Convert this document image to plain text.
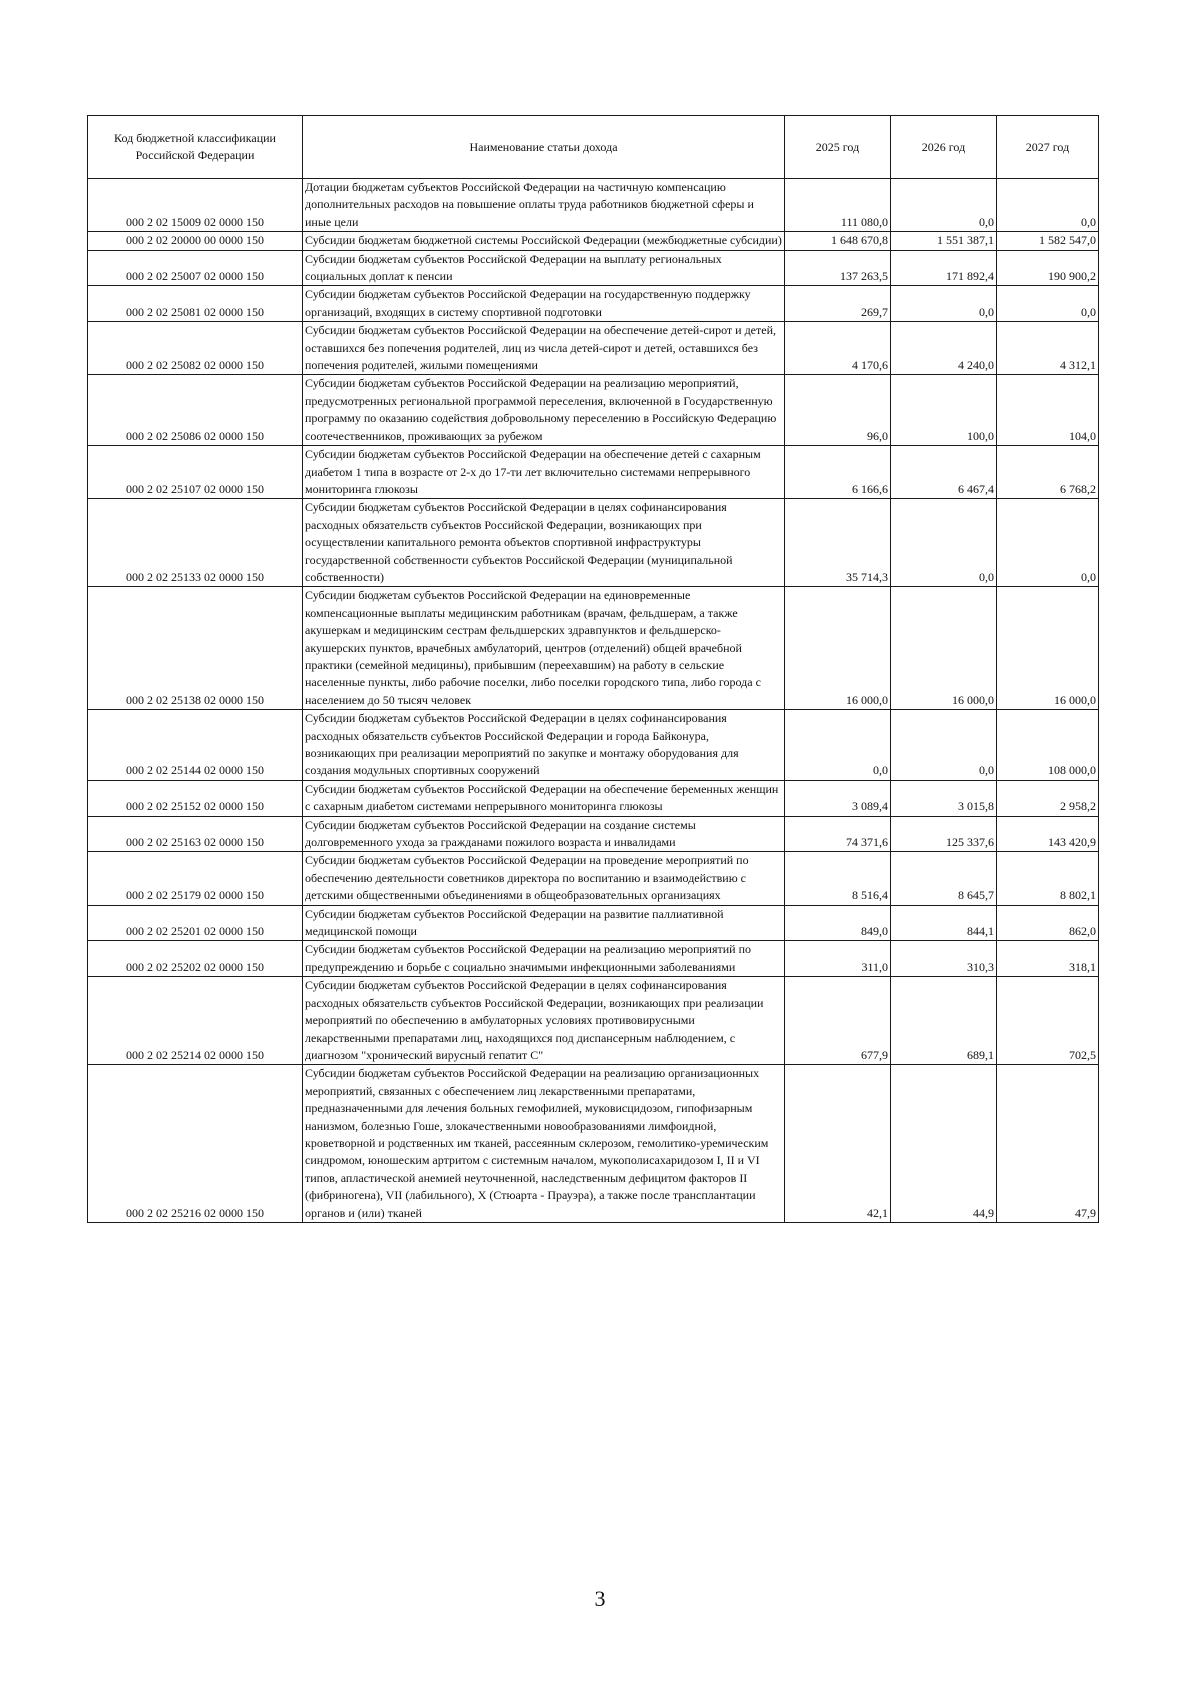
Код бюджетной классификации Российской Федерации	Наименование статьи дохода	2025 год	2026 год	2027 год
000 2 02 15009 02 0000 150	Дотации бюджетам субъектов Российской Федерации на частичную компенсацию дополнительных расходов на повышение оплаты труда работников бюджетной сферы и иные цели	111 080,0	0,0	0,0
000 2 02 20000 00 0000 150	Субсидии бюджетам бюджетной системы Российской Федерации (межбюджетные субсидии)	1 648 670,8	1 551 387,1	1 582 547,0
000 2 02 25007 02 0000 150	Субсидии бюджетам субъектов Российской Федерации на выплату региональных социальных доплат к пенсии	137 263,5	171 892,4	190 900,2
000 2 02 25081 02 0000 150	Субсидии бюджетам субъектов Российской Федерации на государственную поддержку организаций, входящих в систему спортивной подготовки	269,7	0,0	0,0
000 2 02 25082 02 0000 150	Субсидии бюджетам субъектов Российской Федерации на обеспечение детей-сирот и детей, оставшихся без попечения родителей, лиц из числа детей-сирот и детей, оставшихся без попечения родителей, жилыми помещениями	4 170,6	4 240,0	4 312,1
000 2 02 25086 02 0000 150	Субсидии бюджетам субъектов Российской Федерации на реализацию мероприятий, предусмотренных региональной программой переселения, включенной в Государственную программу по оказанию содействия добровольному переселению в Российскую Федерацию соотечественников, проживающих за рубежом	96,0	100,0	104,0
000 2 02 25107 02 0000 150	Субсидии бюджетам субъектов Российской Федерации на обеспечение детей с сахарным диабетом 1 типа в возрасте от 2-х до 17-ти лет включительно системами непрерывного мониторинга глюкозы	6 166,6	6 467,4	6 768,2
000 2 02 25133 02 0000 150	Субсидии бюджетам субъектов Российской Федерации в целях софинансирования расходных обязательств субъектов Российской Федерации, возникающих при осуществлении капитального ремонта объектов спортивной инфраструктуры государственной собственности субъектов Российской Федерации (муниципальной собственности)	35 714,3	0,0	0,0
000 2 02 25138 02 0000 150	Субсидии бюджетам субъектов Российской Федерации на единовременные компенсационные выплаты медицинским работникам (врачам, фельдшерам, а также акушеркам и медицинским сестрам фельдшерских здравпунктов и фельдшерско-акушерских пунктов, врачебных амбулаторий, центров (отделений) общей врачебной практики (семейной медицины), прибывшим (переехавшим) на работу в сельские населенные пункты, либо рабочие поселки, либо поселки городского типа, либо города с населением до 50 тысяч человек	16 000,0	16 000,0	16 000,0
000 2 02 25144 02 0000 150	Субсидии бюджетам субъектов Российской Федерации в целях софинансирования расходных обязательств субъектов Российской Федерации и города Байконура, возникающих при реализации мероприятий по закупке и монтажу оборудования для создания модульных спортивных сооружений	0,0	0,0	108 000,0
000 2 02 25152 02 0000 150	Субсидии бюджетам субъектов Российской Федерации на обеспечение беременных женщин с сахарным диабетом системами непрерывного мониторинга глюкозы	3 089,4	3 015,8	2 958,2
000 2 02 25163 02 0000 150	Субсидии бюджетам субъектов Российской Федерации на создание системы долговременного ухода за гражданами пожилого возраста и инвалидами	74 371,6	125 337,6	143 420,9
000 2 02 25179 02 0000 150	Субсидии бюджетам субъектов Российской Федерации на проведение мероприятий по обеспечению деятельности советников директора по воспитанию и взаимодействию с детскими общественными объединениями в общеобразовательных организациях	8 516,4	8 645,7	8 802,1
000 2 02 25201 02 0000 150	Субсидии бюджетам субъектов Российской Федерации на развитие паллиативной медицинской помощи	849,0	844,1	862,0
000 2 02 25202 02 0000 150	Субсидии бюджетам субъектов Российской Федерации на реализацию мероприятий по предупреждению и борьбе с социально значимыми инфекционными заболеваниями	311,0	310,3	318,1
000 2 02 25214 02 0000 150	Субсидии бюджетам субъектов Российской Федерации в целях софинансирования расходных обязательств субъектов Российской Федерации, возникающих при реализации мероприятий по обеспечению в амбулаторных условиях противовирусными лекарственными препаратами лиц, находящихся под диспансерным наблюдением, с диагнозом "хронический вирусный гепатит С"	677,9	689,1	702,5
000 2 02 25216 02 0000 150	Субсидии бюджетам субъектов Российской Федерации на реализацию организационных мероприятий, связанных с обеспечением лиц лекарственными препаратами, предназначенными для лечения больных гемофилией, муковисцидозом, гипофизарным нанизмом, болезнью Гоше, злокачественными новообразованиями лимфоидной, кроветворной и родственных им тканей, рассеянным склерозом, гемолитико-уремическим синдромом, юношеским артритом с системным началом, мукополисахаридозом I, II и VI типов, апластической анемией неуточненной, наследственным дефицитом факторов II (фибриногена), VII (лабильного), X (Стюарта - Прауэра), а также после трансплантации органов и (или) тканей	42,1	44,9	47,9
3
